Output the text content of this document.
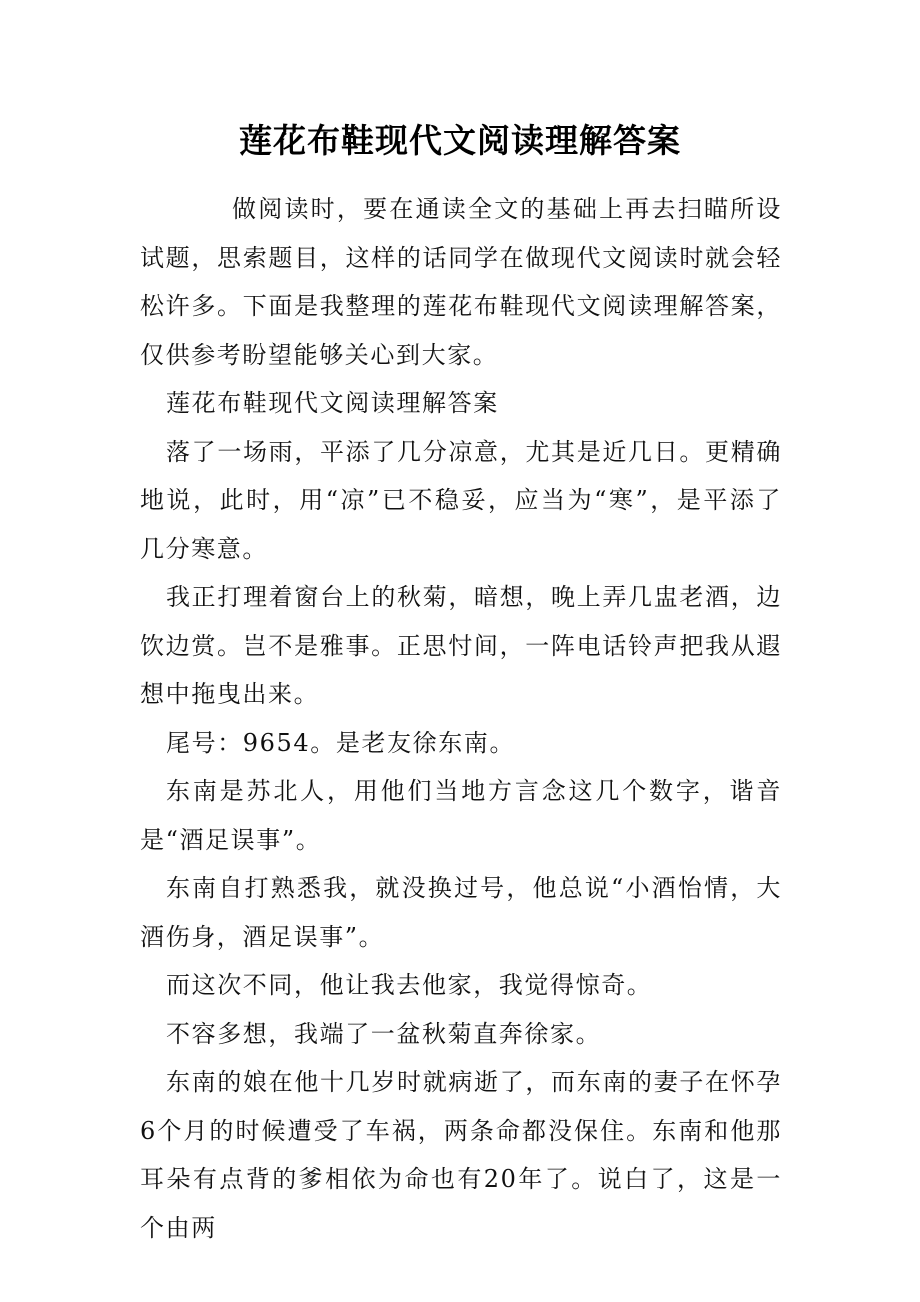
莲花布鞋现代文阅读理解答案

做阅读时，要在通读全文的基础上再去扫瞄所设试题，思索题目，这样的话同学在做现代文阅读时就会轻松许多。下面是我整理的莲花布鞋现代文阅读理解答案，仅供参考盼望能够关心到大家。

莲花布鞋现代文阅读理解答案

落了一场雨，平添了几分凉意，尤其是近几日。更精确地说，此时，用“凉”已不稳妥，应当为“寒”，是平添了几分寒意。

我正打理着窗台上的秋菊，暗想，晚上弄几盅老酒，边饮边赏。岂不是雅事。正思忖间，一阵电话铃声把我从遐想中拖曳出来。

尾号：9654。是老友徐东南。

东南是苏北人，用他们当地方言念这几个数字，谐音是“酒足误事”。

东南自打熟悉我，就没换过号，他总说“小酒怡情，大酒伤身，酒足误事”。

而这次不同，他让我去他家，我觉得惊奇。

不容多想，我端了一盆秋菊直奔徐家。

东南的娘在他十几岁时就病逝了，而东南的妻子在怀孕6个月的时候遭受了车祸，两条命都没保住。东南和他那耳朵有点背的爹相依为命也有20年了。说白了，这是一个由两
